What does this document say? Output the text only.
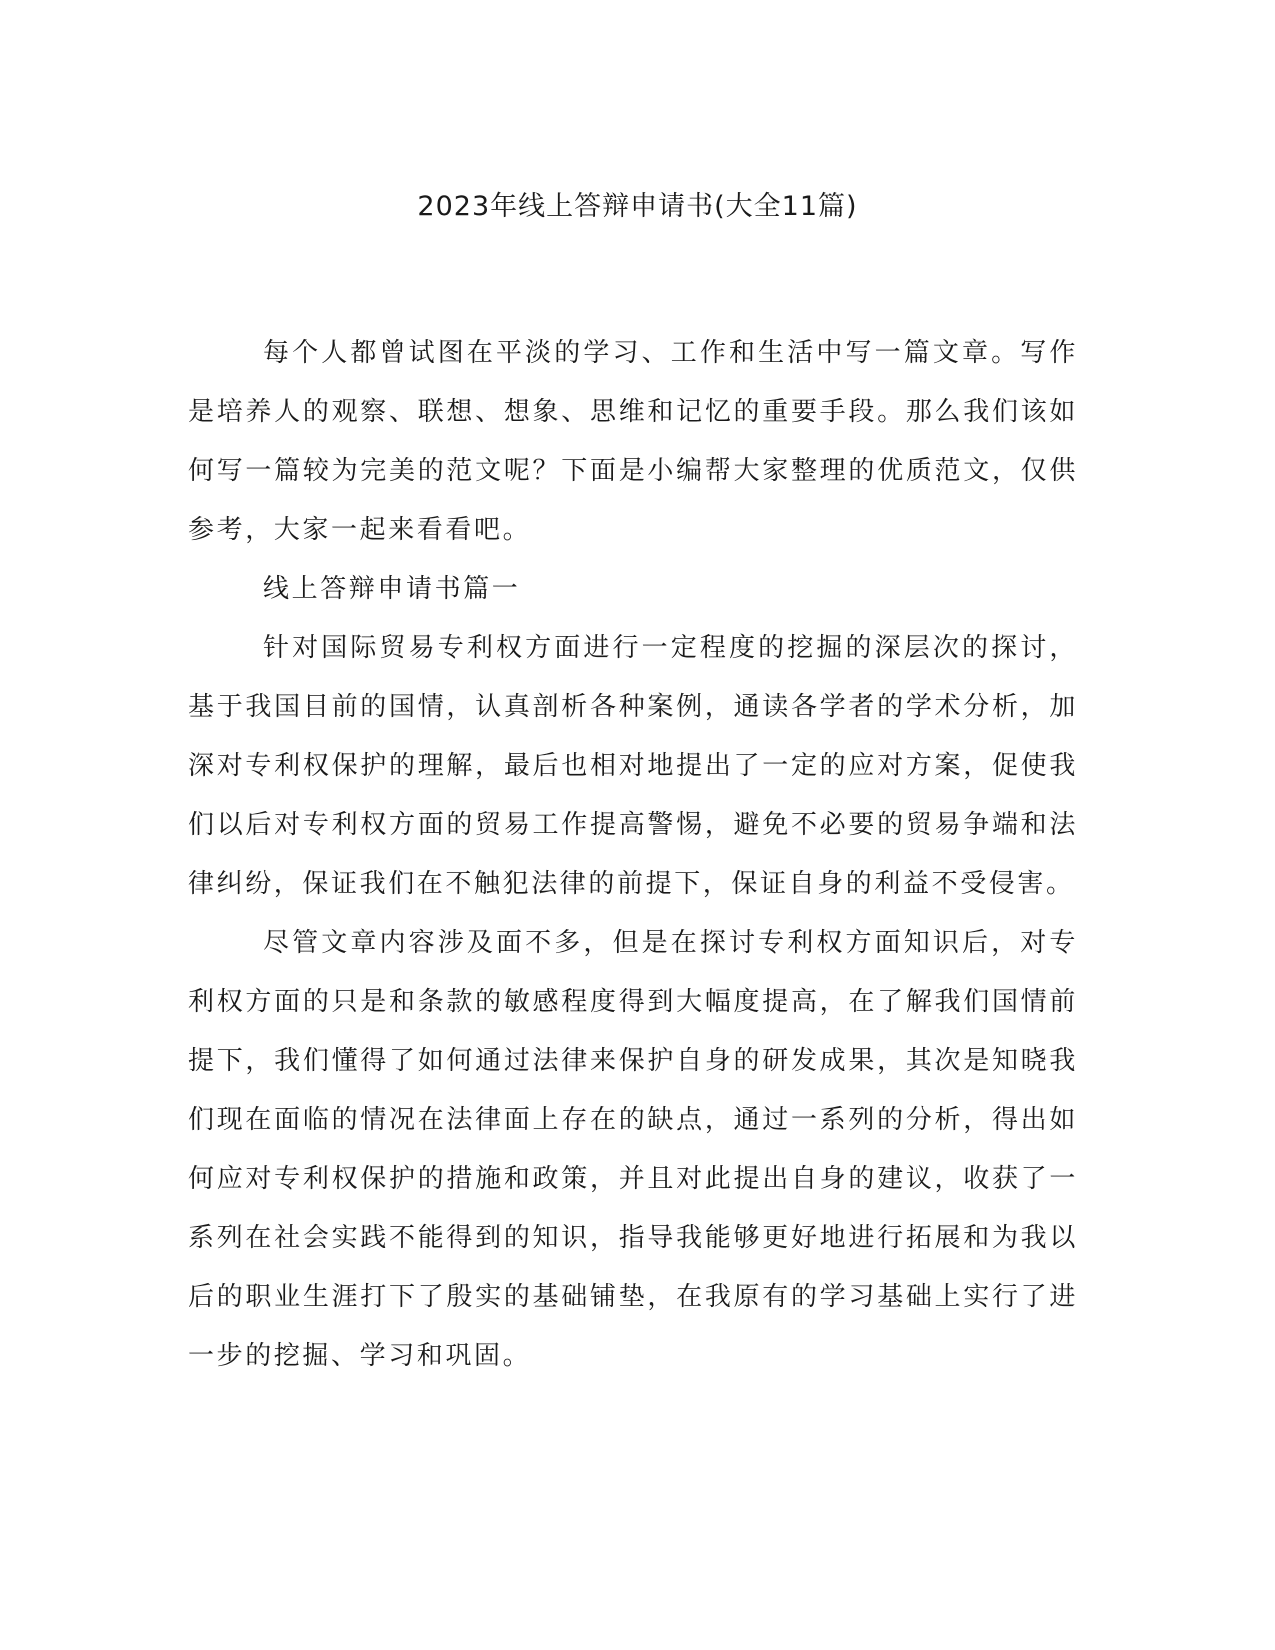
2023年线上答辩申请书(大全11篇)

每个人都曾试图在平淡的学习、工作和生活中写一篇文章。写作是培养人的观察、联想、想象、思维和记忆的重要手段。那么我们该如何写一篇较为完美的范文呢？下面是小编帮大家整理的优质范文，仅供参考，大家一起来看看吧。

线上答辩申请书篇一

针对国际贸易专利权方面进行一定程度的挖掘的深层次的探讨，基于我国目前的国情，认真剖析各种案例，通读各学者的学术分析，加深对专利权保护的理解，最后也相对地提出了一定的应对方案，促使我们以后对专利权方面的贸易工作提高警惕，避免不必要的贸易争端和法律纠纷，保证我们在不触犯法律的前提下，保证自身的利益不受侵害。

尽管文章内容涉及面不多，但是在探讨专利权方面知识后，对专利权方面的只是和条款的敏感程度得到大幅度提高，在了解我们国情前提下，我们懂得了如何通过法律来保护自身的研发成果，其次是知晓我们现在面临的情况在法律面上存在的缺点，通过一系列的分析，得出如何应对专利权保护的措施和政策，并且对此提出自身的建议，收获了一系列在社会实践不能得到的知识，指导我能够更好地进行拓展和为我以后的职业生涯打下了殷实的基础铺垫，在我原有的学习基础上实行了进一步的挖掘、学习和巩固。
